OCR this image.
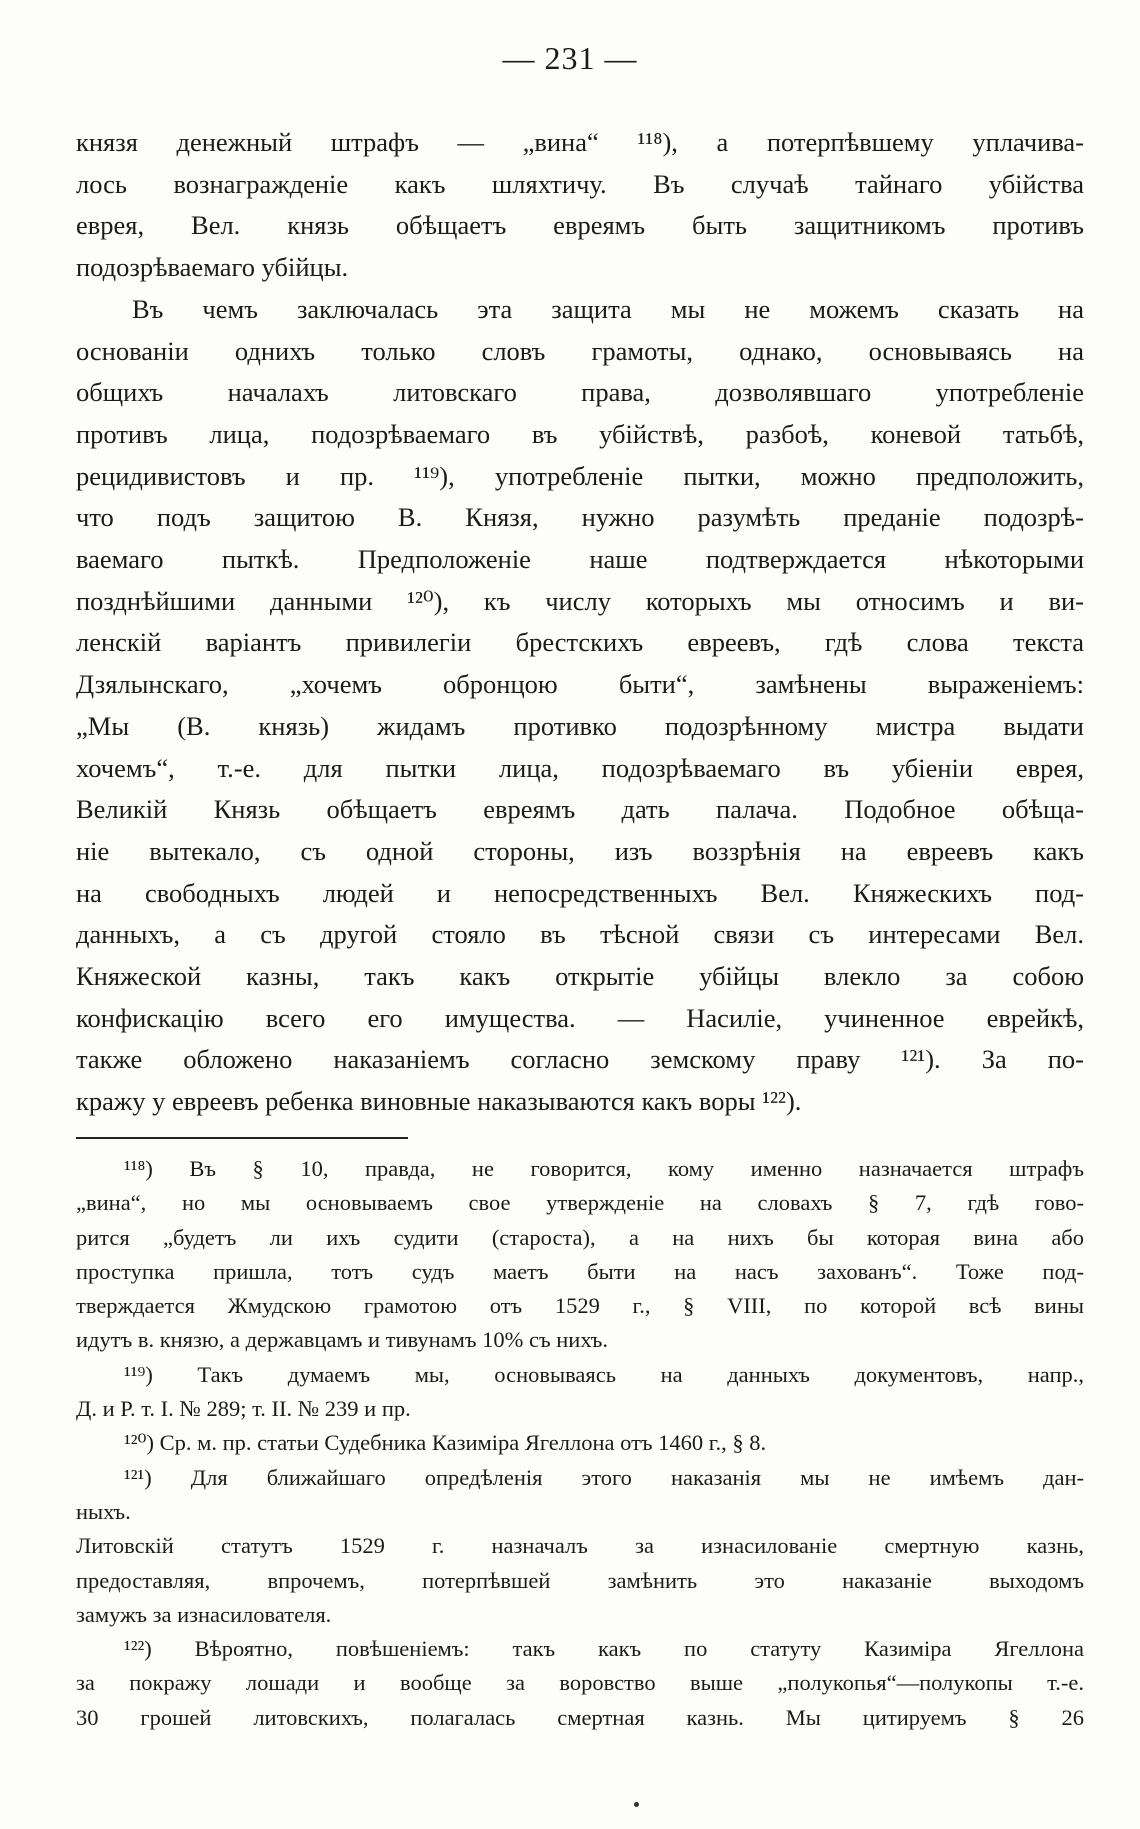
— 231 —
князя денежный штрафъ — „вина“ ¹¹⁸), а потерпѣвшему уплачива-
лось вознагражденіе какъ шляхтичу. Въ случаѣ тайнаго убійства
еврея, Вел. князь обѣщаетъ евреямъ быть защитникомъ противъ
подозрѣваемаго убійцы.
Въ чемъ заключалась эта защита мы не можемъ сказать на
основаніи однихъ только словъ грамоты, однако, основываясь на
общихъ началахъ литовскаго права, дозволявшаго употребленіе
противъ лица, подозрѣваемаго въ убійствѣ, разбоѣ, коневой татьбѣ,
рецидивистовъ и пр. ¹¹⁹), употребленіе пытки, можно предположить,
что подъ защитою В. Князя, нужно разумѣть преданіе подозрѣ-
ваемаго пыткѣ. Предположеніе наше подтверждается нѣкоторыми
позднѣйшими данными ¹²⁰), къ числу которыхъ мы относимъ и ви-
ленскій варіантъ привилегіи брестскихъ евреевъ, гдѣ слова текста
Дзялынскаго, „хочемъ обронцою быти“, замѣнены выраженіемъ:
„Мы (В. князь) жидамъ противко подозрѣнному мистра выдати
хочемъ“, т.-е. для пытки лица, подозрѣваемаго въ убіеніи еврея,
Великій Князь обѣщаетъ евреямъ дать палача. Подобное обѣща-
ніе вытекало, съ одной стороны, изъ воззрѣнія на евреевъ какъ
на свободныхъ людей и непосредственныхъ Вел. Княжескихъ под-
данныхъ, а съ другой стояло въ тѣсной связи съ интересами Вел.
Княжеской казны, такъ какъ открытіе убійцы влекло за собою
конфискацію всего его имущества. — Насиліе, учиненное еврейкѣ,
также обложено наказаніемъ согласно земскому праву ¹²¹). За по-
кражу у евреевъ ребенка виновные наказываются какъ воры ¹²²).
¹¹⁸) Въ § 10, правда, не говорится, кому именно назначается штрафъ
„вина“, но мы основываемъ свое утвержденіе на словахъ § 7, гдѣ гово-
рится „будетъ ли ихъ судити (староста), а на нихъ бы которая вина або
проступка пришла, тотъ судъ маетъ быти на насъ захованъ“. Тоже под-
тверждается Жмудскою грамотою отъ 1529 г., § VIII, по которой всѣ вины
идутъ в. князю, а державцамъ и тивунамъ 10% съ нихъ.
¹¹⁹) Такъ думаемъ мы, основываясь на данныхъ документовъ, напр.,
Д. и Р. т. I. № 289; т. II. № 239 и пр.
¹²⁰) Ср. м. пр. статьи Судебника Казиміра Ягеллона отъ 1460 г., § 8.
¹²¹) Для ближайшаго опредѣленія этого наказанія мы не имѣемъ дан-
ныхъ.
Литовскій статутъ 1529 г. назначалъ за изнасилованіе смертную казнь,
предоставляя, впрочемъ, потерпѣвшей замѣнить это наказаніе выходомъ
замужъ за изнасилователя.
¹²²) Вѣроятно, повѣшеніемъ: такъ какъ по статуту Казиміра Ягеллона
за покражу лошади и вообще за воровство выше „полукопья“—полукопы т.-е.
30 грошей литовскихъ, полагалась смертная казнь. Мы цитируемъ § 26
